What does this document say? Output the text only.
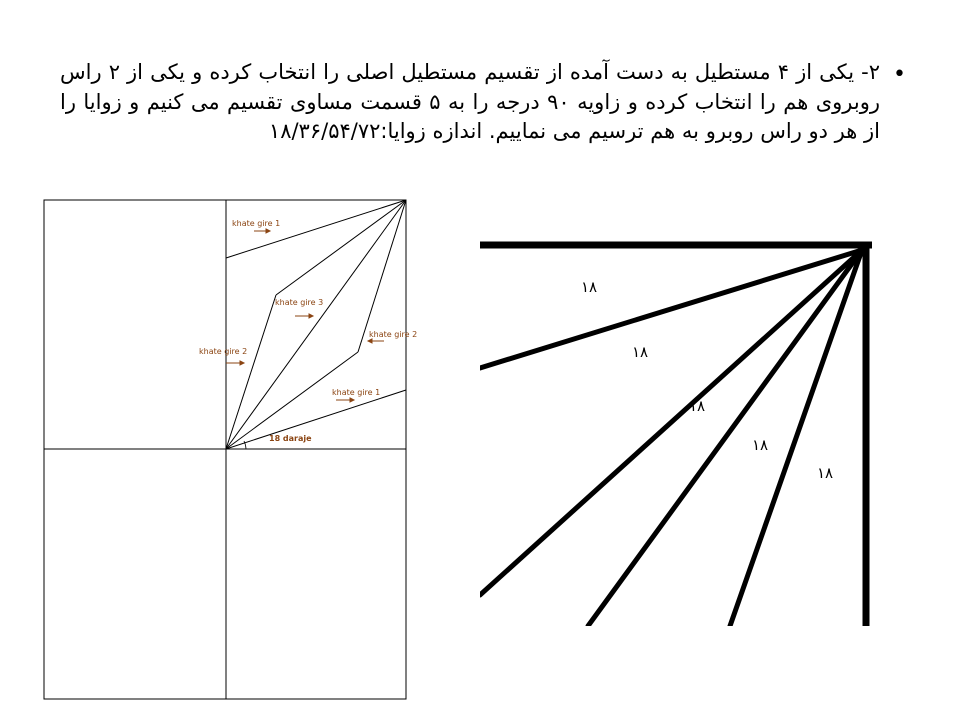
•
۲- یکی از ۴ مستطیل به دست آمده از تقسیم مستطیل اصلی را انتخاب کرده و یکی از ۲ راس روبروی هم را انتخاب کرده و زاویه ۹۰ درجه را به ۵ قسمت مساوی تقسیم می کنیم و زوایا را از هر دو راس روبرو به هم ترسیم می نماییم. اندازه زوایا:۱۸/۳۶/۵۴/۷۲
khate gire 1
khate gire 3
khate gire 2
khate gire 2
khate gire 1
18 daraje
۱۸
۱۸
۱۸
۱۸
۱۸
